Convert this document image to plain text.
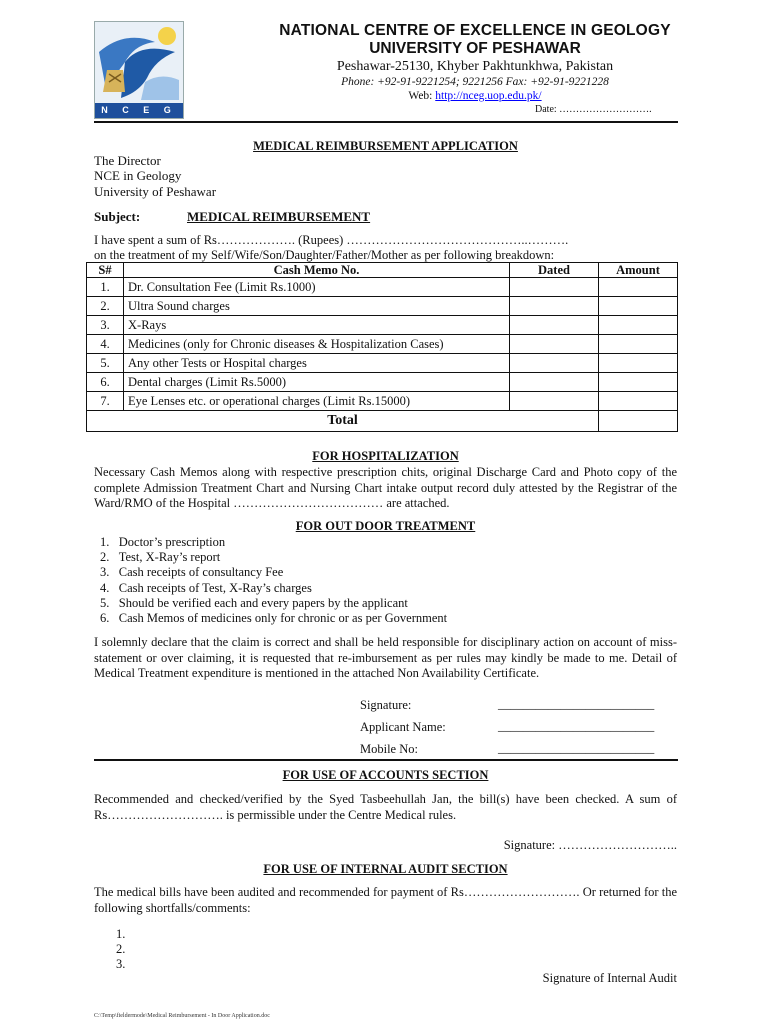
N C E G
NATIONAL CENTRE OF EXCELLENCE IN GEOLOGY
UNIVERSITY OF PESHAWAR
Peshawar-25130, Khyber Pakhtunkhwa, Pakistan
Phone: +92-91-9221254; 9221256 Fax: +92-91-9221228
Web: http://nceg.uop.edu.pk/
Date: ……………………….
MEDICAL REIMBURSEMENT APPLICATION
The Director
NCE in Geology
University of Peshawar
Subject:	MEDICAL REIMBURSEMENT
I have spent a sum of Rs………………. (Rupees) ……………………………………..……….
on the treatment of my Self/Wife/Son/Daughter/Father/Mother as per following breakdown:
S#	Cash Memo No.	Dated	Amount
1.	Dr. Consultation Fee (Limit Rs.1000)		
2.	Ultra Sound charges		
3.	X-Rays		
4.	Medicines (only for Chronic diseases & Hospitalization Cases)		
5.	Any other Tests or Hospital charges		
6.	Dental charges (Limit Rs.5000)		
7.	Eye Lenses etc. or operational charges (Limit Rs.15000)		
Total			
FOR HOSPITALIZATION
Necessary Cash Memos along with respective prescription chits, original Discharge Card and Photo copy of the complete Admission Treatment Chart and Nursing Chart intake output record duly attested by the Registrar of the Ward/RMO of the Hospital ……………………………… are attached.
FOR OUT DOOR TREATMENT
1.   Doctor’s prescription
2.   Test, X-Ray’s report
3.   Cash receipts of consultancy Fee
4.   Cash receipts of Test, X-Ray’s charges
5.   Should be verified each and every papers by the applicant
6.   Cash Memos of medicines only for chronic or as per Government
I solemnly declare that the claim is correct and shall be held responsible for disciplinary action on account of miss-statement or over claiming, it is requested that re-imbursement as per rules may kindly be made to me. Detail of Medical Treatment expenditure is mentioned in the attached Non Availability Certificate.
Signature:	_________________________
Applicant Name:	_________________________
Mobile No:	_________________________
FOR USE OF ACCOUNTS SECTION
Recommended and checked/verified by the Syed Tasbeehullah Jan, the bill(s) have been checked. A sum of Rs………………………. is permissible under the Centre Medical rules.
Signature: ………………………..
FOR USE OF INTERNAL AUDIT SECTION
The medical bills have been audited and recommended for payment of Rs………………………. Or returned for the following shortfalls/comments:
1.
2.
3.
Signature of Internal Audit
C:\Temp\fieldermode\Medical Reimbursement - In Door Application.doc
